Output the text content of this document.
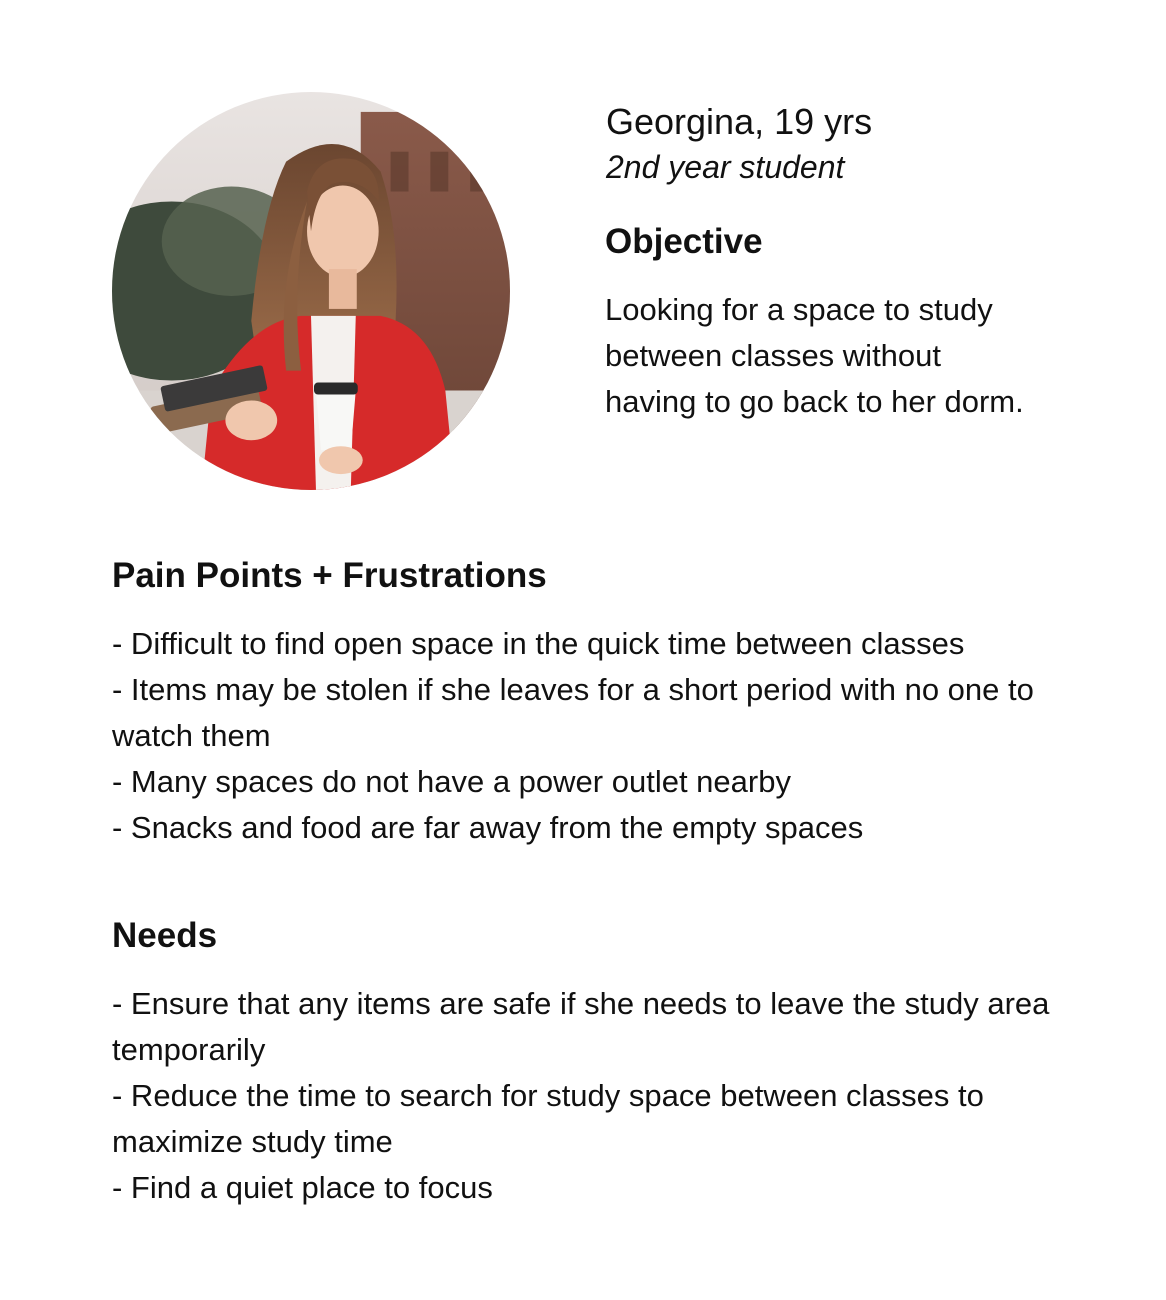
Georgina, 19 yrs
2nd year student
Objective
Looking for a space to study between classes without having to go back to her dorm.
Pain Points + Frustrations
- Difficult to find open space in the quick time between classes
- Items may be stolen if she leaves for a short period with no one to watch them
- Many spaces do not have a power outlet nearby
- Snacks and food are far away from the empty spaces
Needs
- Ensure that any items are safe if she needs to leave the study area temporarily
- Reduce the time to search for study space between classes to maximize study time
- Find a quiet place to focus
